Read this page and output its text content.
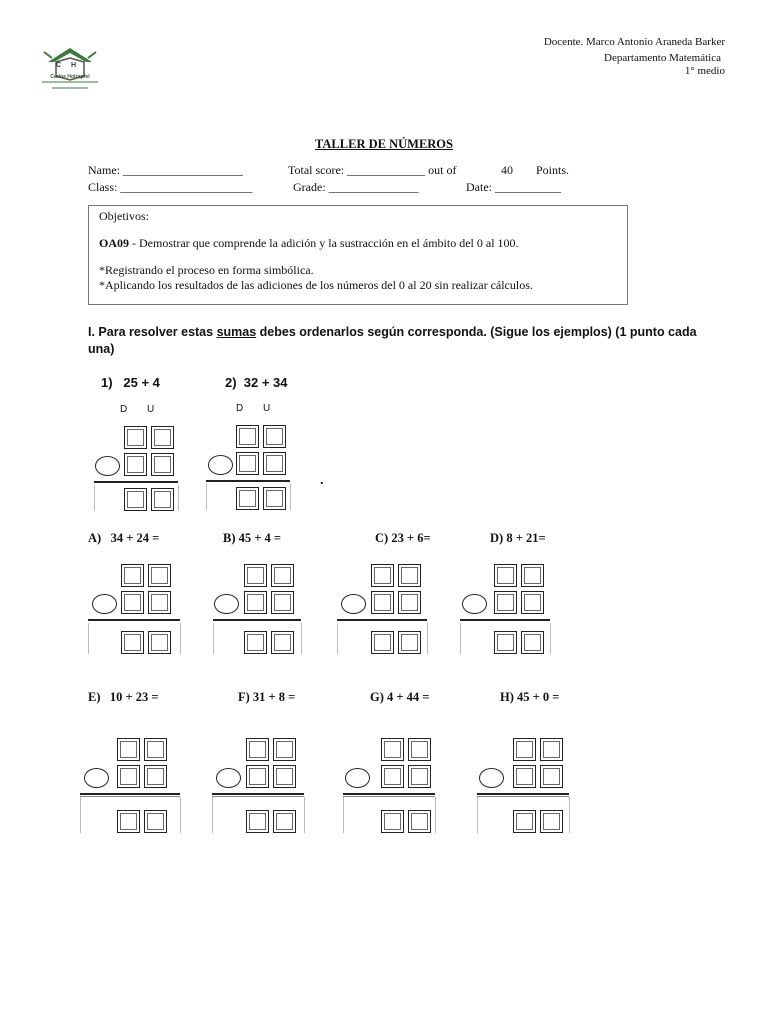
C H
Carlos Holzapfel
Docente. Marco Antonio Araneda Barker
Departamento Matemática
1° medio
TALLER DE NÚMEROS
Name: ____________________	Total score: _____________ out of	40 Points.
Class: ______________________	Grade: _______________	Date: ___________
Objetivos:
OA09 - Demostrar que comprende la adición y la sustracción en el ámbito del 0 al 100.
*Registrando el proceso en forma simbólica.
*Aplicando los resultados de las adiciones de los números del 0 al 20 sin realizar cálculos.
I. Para resolver estas sumas debes ordenarlos según corresponda. (Sigue los ejemplos) (1 punto cada una)
1)   25 + 4	2)  32 + 34
D U	D U
.
A)   34 + 24 =	B) 45 + 4 =	C) 23 + 6=	D) 8 + 21=
E)   10 + 23 =	F) 31 + 8 =	G) 4 + 44 =	H) 45 + 0 =
